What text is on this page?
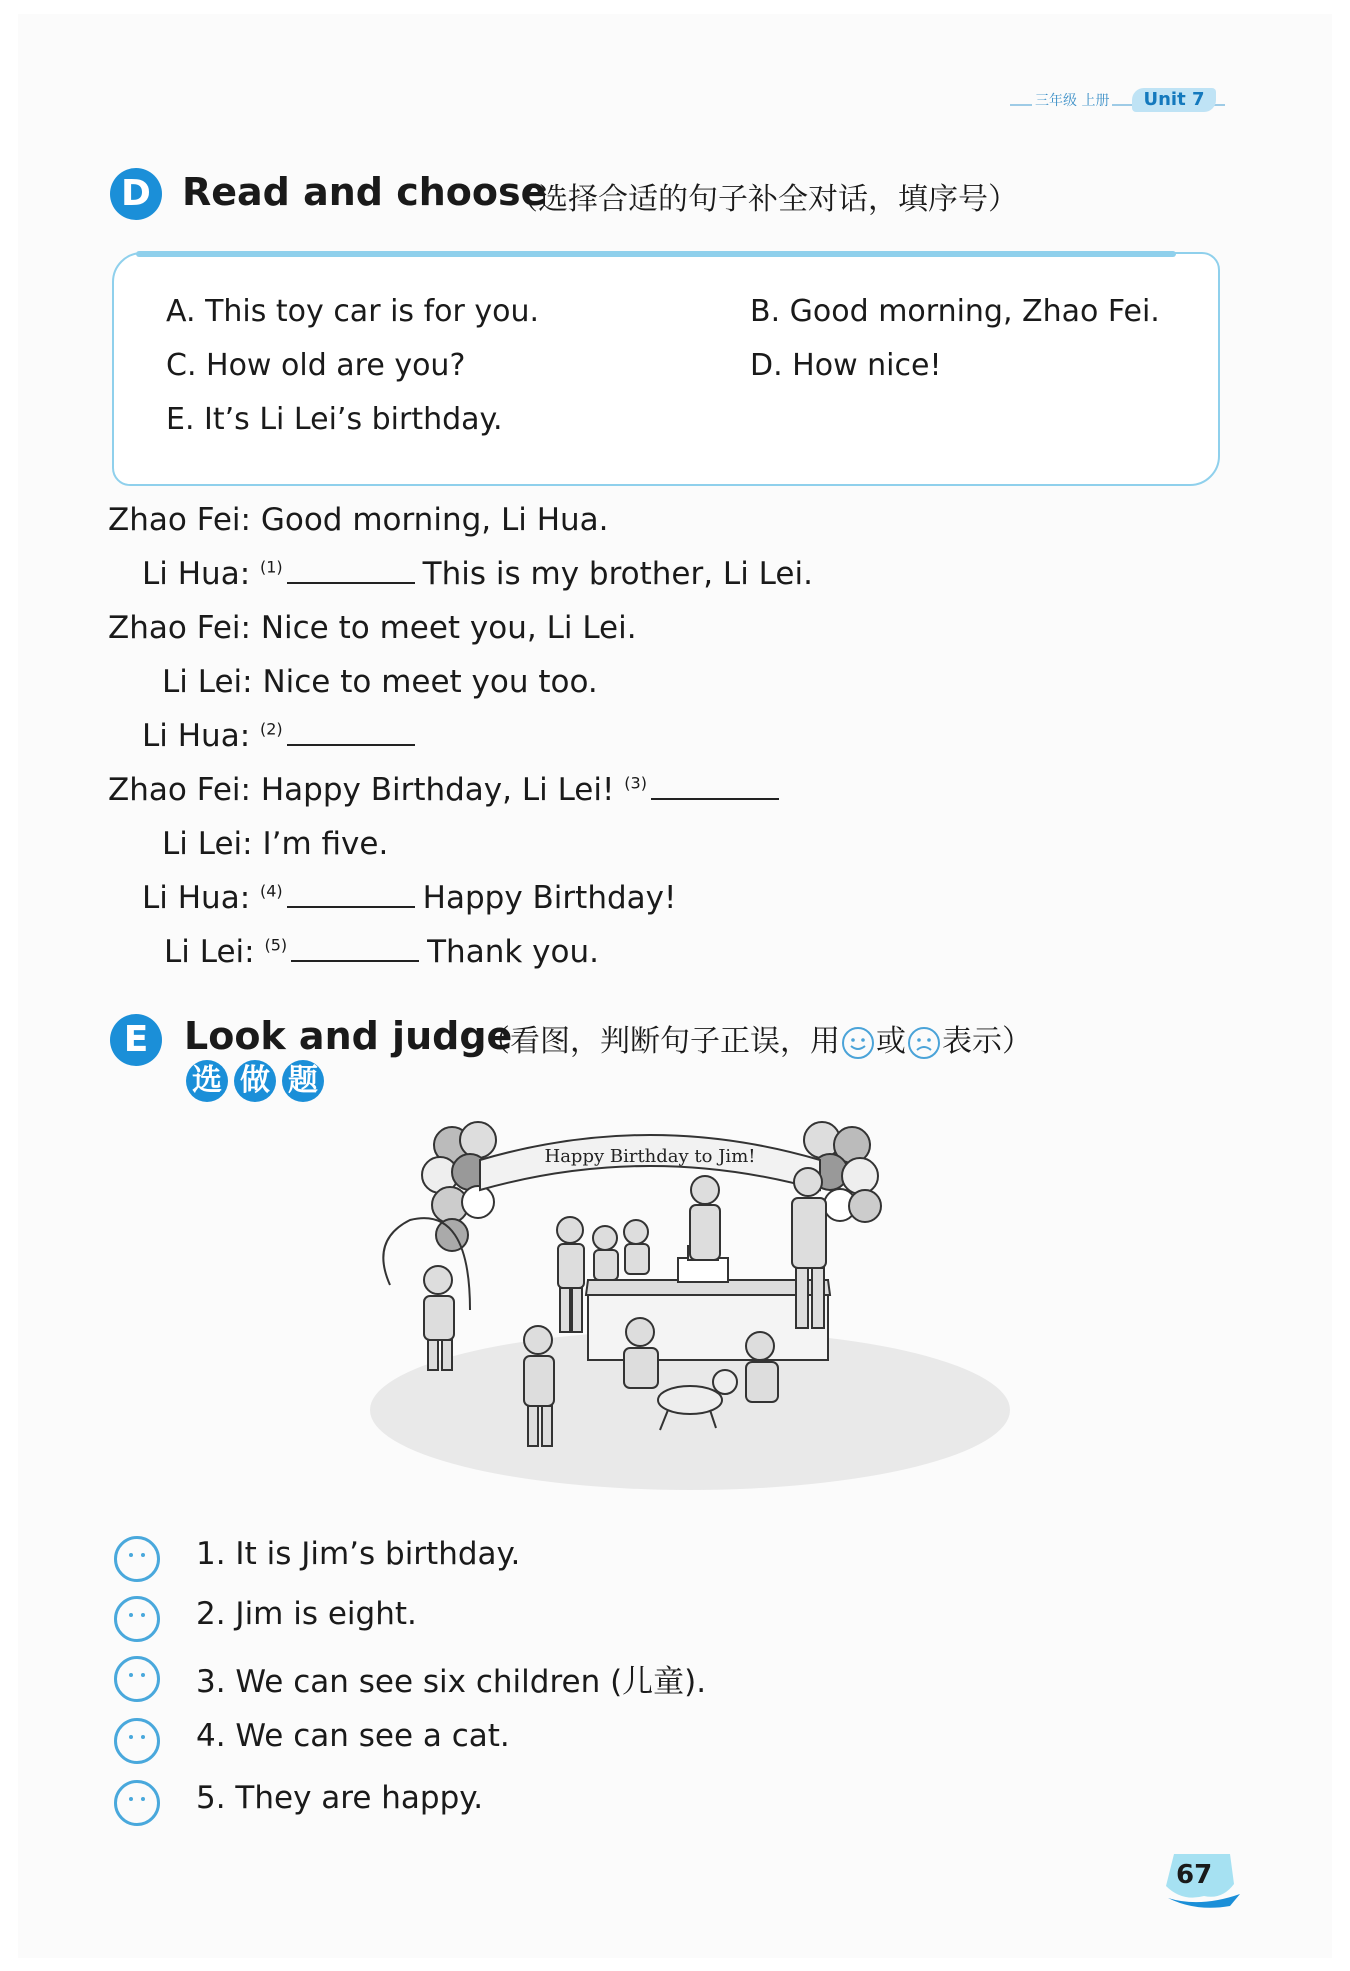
三年级 上册	Unit 7
D Read and choose
（选择合适的句子补全对话，填序号）
A. This toy car is for you.	B. Good morning, Zhao Fei.
C. How old are you?	D. How nice!
E. It’s Li Lei’s birthday.
Zhao Fei: Good morning, Li Hua.
Li Hua: $^{(1)}$	This is my brother, Li Lei.
Zhao Fei: Nice to meet you, Li Lei.
Li Lei: Nice to meet you too.
Li Hua: $^{(2)}$
Zhao Fei: Happy Birthday, Li Lei! $^{(3)}$
Li Lei: I’m five.
Li Hua: $^{(4)}$	Happy Birthday!
Li Lei: $^{(5)}$	Thank you.
E Look and judge
（看图，判断句子正误，用 或 表示）
选 做 题
Happy Birthday to Jim!
1. It is Jim’s birthday.
2. Jim is eight.
3. We can see six children (儿童).
4. We can see a cat.
5. They are happy.
67
